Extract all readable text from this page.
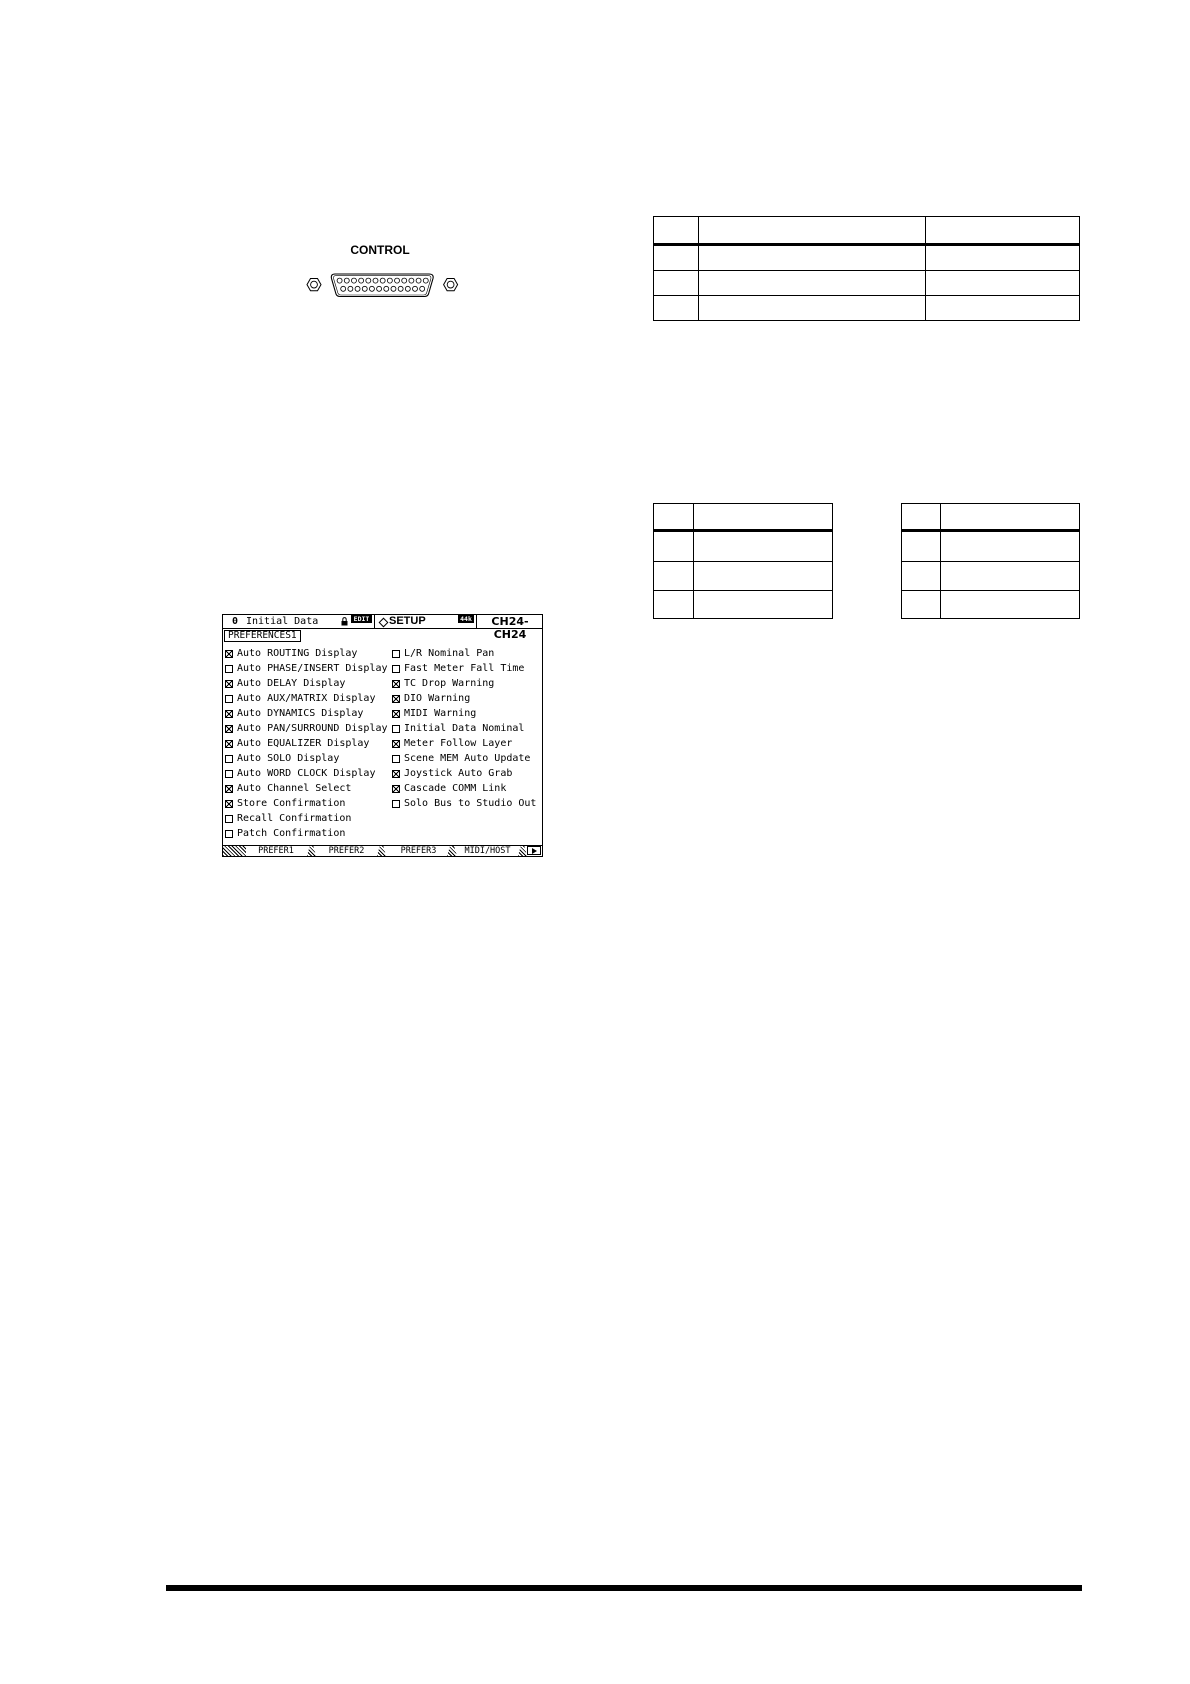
CONTROL

0 Initial Data	EDIT SETUP	44k	CH24-CH24
PREFERENCES1
Auto ROUTING Display
Auto PHASE/INSERT Display
Auto DELAY Display
Auto AUX/MATRIX Display
Auto DYNAMICS Display
Auto PAN/SURROUND Display
Auto EQUALIZER Display
Auto SOLO Display
Auto WORD CLOCK Display
Auto Channel Select
Store Confirmation
Recall Confirmation
Patch Confirmation
L/R Nominal Pan
Fast Meter Fall Time
TC Drop Warning
DIO Warning
MIDI Warning
Initial Data Nominal
Meter Follow Layer
Scene MEM Auto Update
Joystick Auto Grab
Cascade COMM Link
Solo Bus to Studio Out
PREFER1	PREFER2	PREFER3	MIDI/HOST
